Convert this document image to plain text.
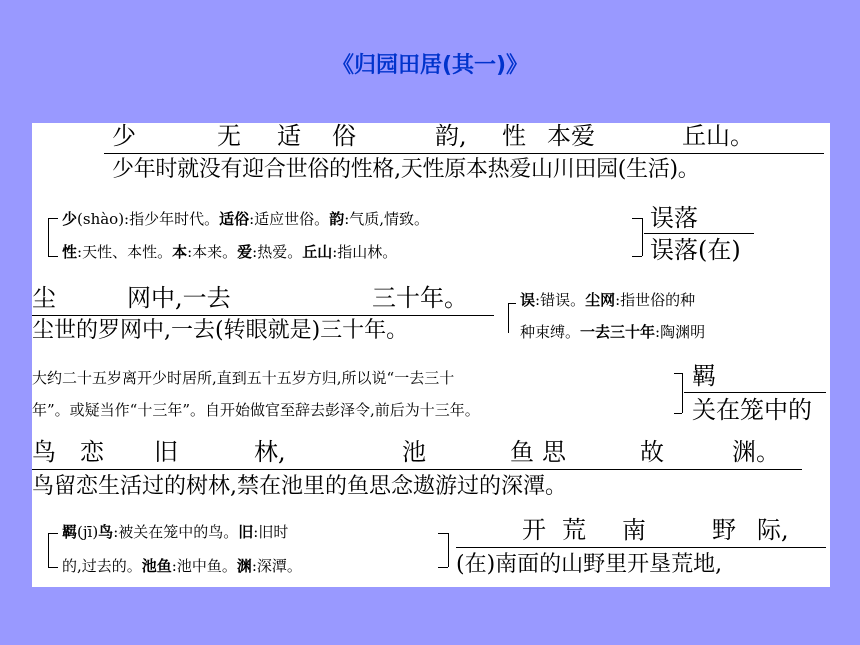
《归园田居(其一)》
少	无 适 俗	韵, 性 本爱	丘山。
少年时就没有迎合世俗的性格,天性原本热爱山川田园(生活)。
少(shào):指少年时代。适俗:适应世俗。韵:气质,情致。
性:天性、本性。本:本来。爱:热爱。丘山:指山林。
误落
误落(在)
尘	网中,一去	三十年。
尘世的罗网中,一去(转眼就是)三十年。
误:错误。尘网:指世俗的种
种束缚。一去三十年:陶渊明
大约二十五岁离开少时居所,直到五十五岁方归,所以说“一去三十
年”。或疑当作“十三年”。自开始做官至辞去彭泽令,前后为十三年。
羁
关在笼中的
鸟 恋 旧	林,	池	鱼 思	故	渊。
鸟留恋生活过的树林,禁在池里的鱼思念遨游过的深潭。
羁(jī)鸟:被关在笼中的鸟。旧:旧时
的,过去的。池鱼:池中鱼。渊:深潭。
开 荒 南	野 际,
(在)南面的山野里开垦荒地,
